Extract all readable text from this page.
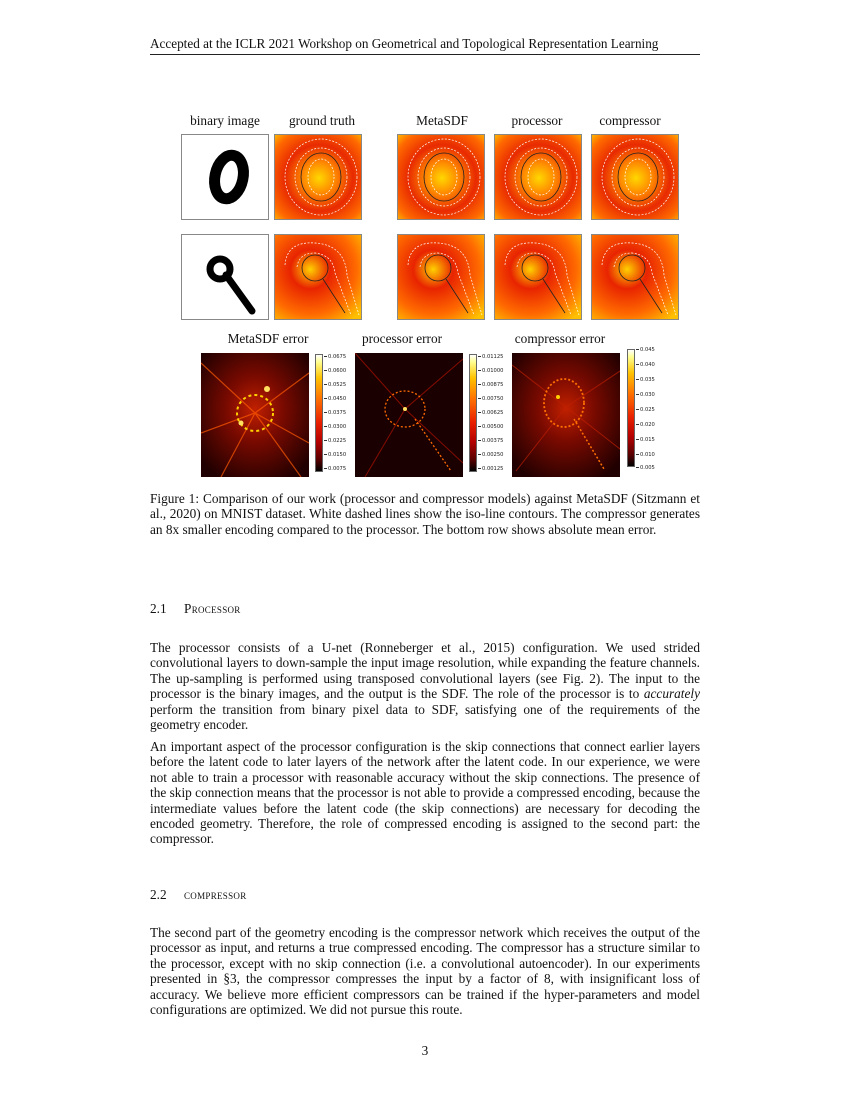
Accepted at the ICLR 2021 Workshop on Geometrical and Topological Representation Learning
binary image	ground truth	MetaSDF	processor	compressor
MetaSDF error	processor error	compressor error
0.0675
0.0600
0.0525
0.0450
0.0375
0.0300
0.0225
0.0150
0.0075
0.01125
0.01000
0.00875
0.00750
0.00625
0.00500
0.00375
0.00250
0.00125
0.045
0.040
0.035
0.030
0.025
0.020
0.015
0.010
0.005
Figure 1: Comparison of our work (processor and compressor models) against MetaSDF (Sitzmann et al., 2020) on MNIST dataset. White dashed lines show the iso-line contours. The compressor generates an 8x smaller encoding compared to the processor. The bottom row shows absolute mean error.
2.1 Processor
The processor consists of a U-net (Ronneberger et al., 2015) configuration. We used strided convolutional layers to down-sample the input image resolution, while expanding the feature channels. The up-sampling is performed using transposed convolutional layers (see Fig. 2). The input to the processor is the binary images, and the output is the SDF. The role of the processor is to accurately perform the transition from binary pixel data to SDF, satisfying one of the requirements of the geometry encoder.
An important aspect of the processor configuration is the skip connections that connect earlier layers before the latent code to later layers of the network after the latent code. In our experience, we were not able to train a processor with reasonable accuracy without the skip connections. The presence of the skip connection means that the processor is not able to provide a compressed encoding, because the intermediate values before the latent code (the skip connections) are necessary for decoding the encoded geometry. Therefore, the role of compressed encoding is assigned to the second part: the compressor.
2.2 compressor
The second part of the geometry encoding is the compressor network which receives the output of the processor as input, and returns a true compressed encoding. The compressor has a structure similar to the processor, except with no skip connection (i.e. a convolutional autoencoder). In our experiments presented in §3, the compressor compresses the input by a factor of 8, with insignificant loss of accuracy. We believe more efficient compressors can be trained if the hyper-parameters and model configurations are optimized. We did not pursue this route.
3
